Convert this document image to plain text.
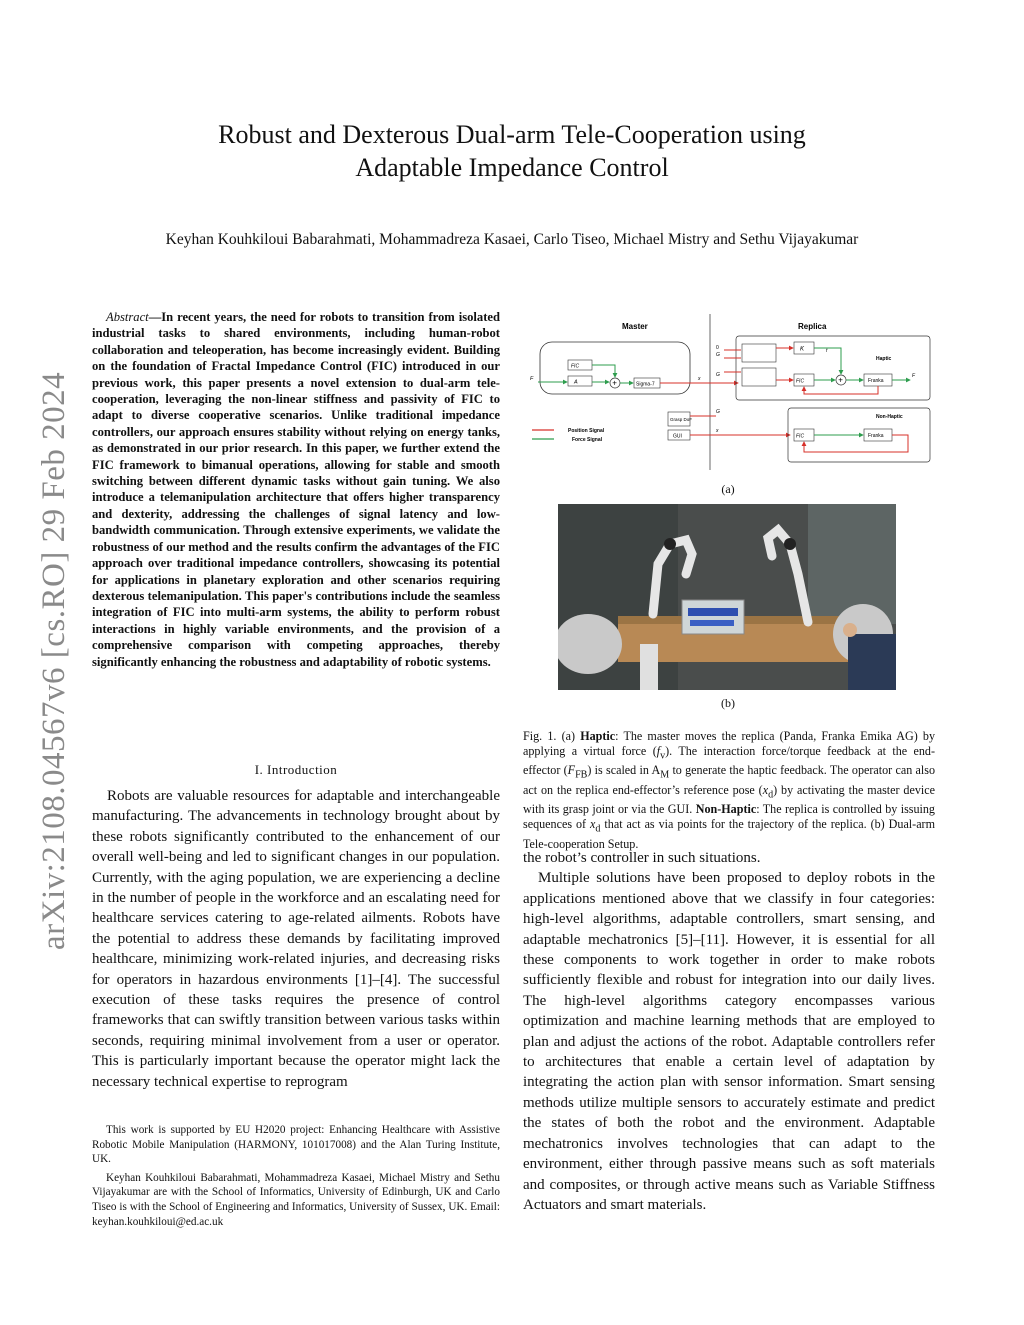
arXiv:2108.04567v6 [cs.RO] 29 Feb 2024
Robust and Dexterous Dual-arm Tele-Cooperation using
Adaptable Impedance Control
Keyhan Kouhkiloui Babarahmati, Mohammadreza Kasaei, Carlo Tiseo, Michael Mistry and Sethu Vijayakumar
Abstract—In recent years, the need for robots to transition from isolated industrial tasks to shared environments, including human-robot collaboration and teleoperation, has become increasingly evident. Building on the foundation of Fractal Impedance Control (FIC) introduced in our previous work, this paper presents a novel extension to dual-arm tele-cooperation, leveraging the non-linear stiffness and passivity of FIC to adapt to diverse cooperative scenarios. Unlike traditional impedance controllers, our approach ensures stability without relying on energy tanks, as demonstrated in our prior research. In this paper, we further extend the FIC framework to bimanual operations, allowing for stable and smooth switching between different dynamic tasks without gain tuning. We also introduce a telemanipulation architecture that offers higher transparency and dexterity, addressing the challenges of signal latency and low-bandwidth communication. Through extensive experiments, we validate the robustness of our method and the results confirm the advantages of the FIC approach over traditional impedance controllers, showcasing its potential for applications in planetary exploration and other scenarios requiring dexterous telemanipulation. This paper's contributions include the seamless integration of FIC into multi-arm systems, the ability to perform robust interactions in highly variable environments, and the provision of a comprehensive comparison with competing approaches, thereby significantly enhancing the robustness and adaptability of robotic systems.
I. Introduction

Robots are valuable resources for adaptable and interchangeable manufacturing. The advancements in technology brought about by these robots significantly contributed to the enhancement of our overall well-being and led to significant changes in our population. Currently, with the aging population, we are experiencing a decline in the number of people in the workforce and an escalating need for healthcare services catering to age-related ailments. Robots have the potential to address these demands by facilitating improved healthcare, minimizing work-related injuries, and decreasing risks for operators in hazardous environments [1]–[4]. The successful execution of these tasks requires the presence of control frameworks that can swiftly transition between various tasks within seconds, requiring minimal involvement from a user or operator. This is particularly important because the operator might lack the necessary technical expertise to reprogram

This work is supported by EU H2020 project: Enhancing Healthcare with Assistive Robotic Mobile Manipulation (HARMONY, 101017008) and the Alan Turing Institute, UK.

Keyhan Kouhkiloui Babarahmati, Mohammadreza Kasaei, Michael Mistry and Sethu Vijayakumar are with the School of Informatics, University of Edinburgh, UK and Carlo Tiseo is with the School of Engineering and Informatics, University of Sussex, UK. Email: keyhan.kouhkiloui@ed.ac.uk

Master	Replica
FIC
A	+	Sigma-7
F	x
Grasp DoF
GUI
x
G
Haptic
0
G
G
K
FIC	+	Franka
f
F
Non-Haptic
FIC	Franka
Position Signal
Force Signal
(a)
(b)
Fig. 1. (a) Haptic: The master moves the replica (Panda, Franka Emika AG) by applying a virtual force $(f_v)$. The interaction force/torque feedback at the end-effector $(F_{FB})$ is scaled in $A_M$ to generate the haptic feedback. The operator can also act on the replica end-effector’s reference pose $(x_d)$ by activating the master device with its grasp joint or via the GUI. Non-Haptic: The replica is controlled by issuing sequences of $x_d$ that act as via points for the trajectory of the replica. (b) Dual-arm Tele-cooperation Setup.

the robot’s controller in such situations.

Multiple solutions have been proposed to deploy robots in the applications mentioned above that we classify in four categories: high-level algorithms, adaptable controllers, smart sensing, and adaptable mechatronics [5]–[11]. However, it is essential for all these components to work together in order to make robots sufficiently flexible and robust for integration into our daily lives. The high-level algorithms category encompasses various optimization and machine learning methods that are employed to plan and adjust the actions of the robot. Adaptable controllers refer to architectures that enable a certain level of adaptation by integrating the action plan with sensor information. Smart sensing methods utilize multiple sensors to accurately estimate and predict the states of both the robot and the environment. Adaptable mechatronics involves technologies that can adapt to the environment, either through passive means such as soft materials and composites, or through active means such as Variable Stiffness Actuators and smart materials.
